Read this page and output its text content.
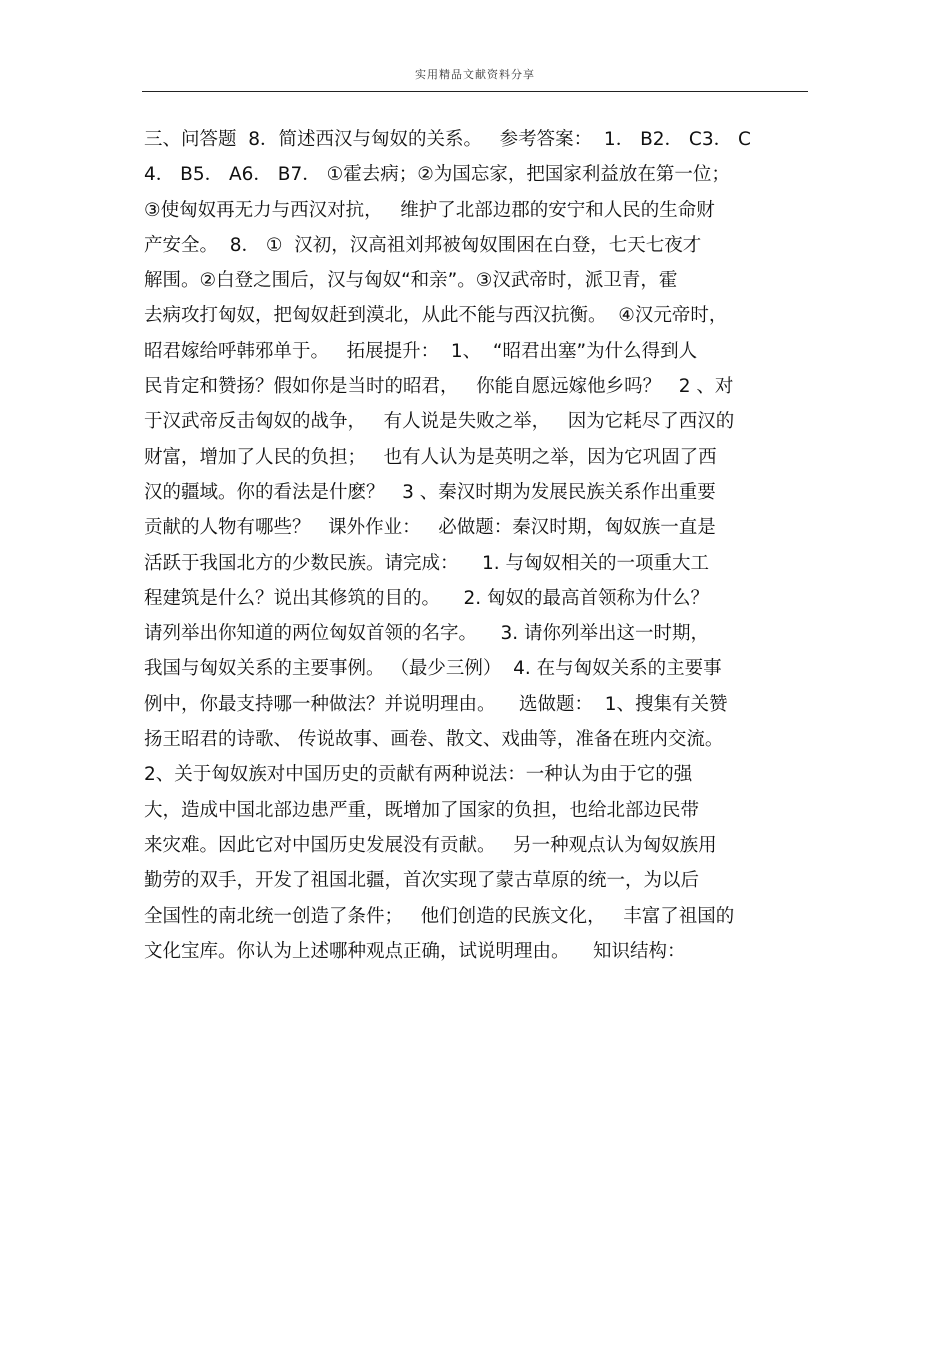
实用精品文献资料分享
三、问答题  8．简述西汉与匈奴的关系。   参考答案：  1． B2． C3． C
4． B5． A6． B7． ①霍去病；②为国忘家，把国家利益放在第一位；
③使匈奴再无力与西汉对抗，   维护了北部边郡的安宁和人民的生命财
产安全。  8． ①  汉初，汉高祖刘邦被匈奴围困在白登，七天七夜才
解围。②白登之围后，汉与匈奴“和亲”。③汉武帝时，派卫青，霍
去病攻打匈奴，把匈奴赶到漠北，从此不能与西汉抗衡。  ④汉元帝时，
昭君嫁给呼韩邪单于。   拓展提升：  1、  “昭君出塞”为什么得到人
民肯定和赞扬？假如你是当时的昭君，   你能自愿远嫁他乡吗？   2 、对
于汉武帝反击匈奴的战争，   有人说是失败之举，   因为它耗尽了西汉的
财富，增加了人民的负担；   也有人认为是英明之举，因为它巩固了西
汉的疆域。你的看法是什麽？   3 、秦汉时期为发展民族关系作出重要
贡献的人物有哪些？   课外作业：   必做题：秦汉时期，匈奴族一直是
活跃于我国北方的少数民族。请完成：    1. 与匈奴相关的一项重大工
程建筑是什么？说出其修筑的目的。    2. 匈奴的最高首领称为什么？
请列举出你知道的两位匈奴首领的名字。    3. 请你列举出这一时期，
我国与匈奴关系的主要事例。 （最少三例）  4. 在与匈奴关系的主要事
例中，你最支持哪一种做法？并说明理由。    选做题：  1、搜集有关赞
扬王昭君的诗歌、 传说故事、画卷、散文、戏曲等，准备在班内交流。
2、关于匈奴族对中国历史的贡献有两种说法：一种认为由于它的强
大，造成中国北部边患严重，既增加了国家的负担，也给北部边民带
来灾难。因此它对中国历史发展没有贡献。   另一种观点认为匈奴族用
勤劳的双手，开发了祖国北疆，首次实现了蒙古草原的统一，为以后
全国性的南北统一创造了条件；   他们创造的民族文化，   丰富了祖国的
文化宝库。你认为上述哪种观点正确，试说明理由。    知识结构：
